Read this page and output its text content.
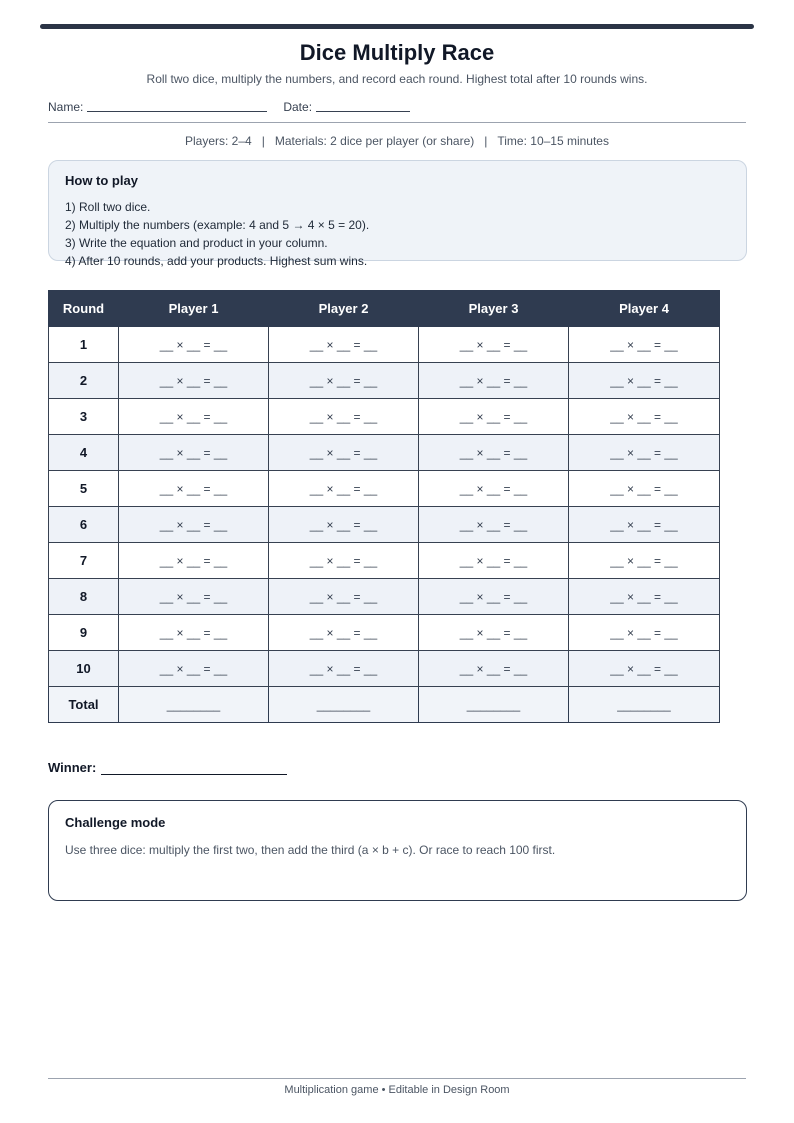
Dice Multiply Race
Roll two dice, multiply the numbers, and record each round. Highest total after 10 rounds wins.
Name:	Date:
Players: 2–4 | Materials: 2 dice per player (or share) | Time: 10–15 minutes
How to play
1) Roll two dice.
2) Multiply the numbers (example: 4 and 5 → 4 × 5 = 20).
3) Write the equation and product in your column.
4) After 10 rounds, add your products. Highest sum wins.
Round	Player 1	Player 2	Player 3	Player 4
1	__ × __ = __	__ × __ = __	__ × __ = __	__ × __ = __
2	__ × __ = __	__ × __ = __	__ × __ = __	__ × __ = __
3	__ × __ = __	__ × __ = __	__ × __ = __	__ × __ = __
4	__ × __ = __	__ × __ = __	__ × __ = __	__ × __ = __
5	__ × __ = __	__ × __ = __	__ × __ = __	__ × __ = __
6	__ × __ = __	__ × __ = __	__ × __ = __	__ × __ = __
7	__ × __ = __	__ × __ = __	__ × __ = __	__ × __ = __
8	__ × __ = __	__ × __ = __	__ × __ = __	__ × __ = __
9	__ × __ = __	__ × __ = __	__ × __ = __	__ × __ = __
10	__ × __ = __	__ × __ = __	__ × __ = __	__ × __ = __
Total	________	________	________	________
Winner:
Challenge mode

Use three dice: multiply the first two, then add the third (a × b + c). Or race to reach 100 first.

Multiplication game • Editable in Design Room
